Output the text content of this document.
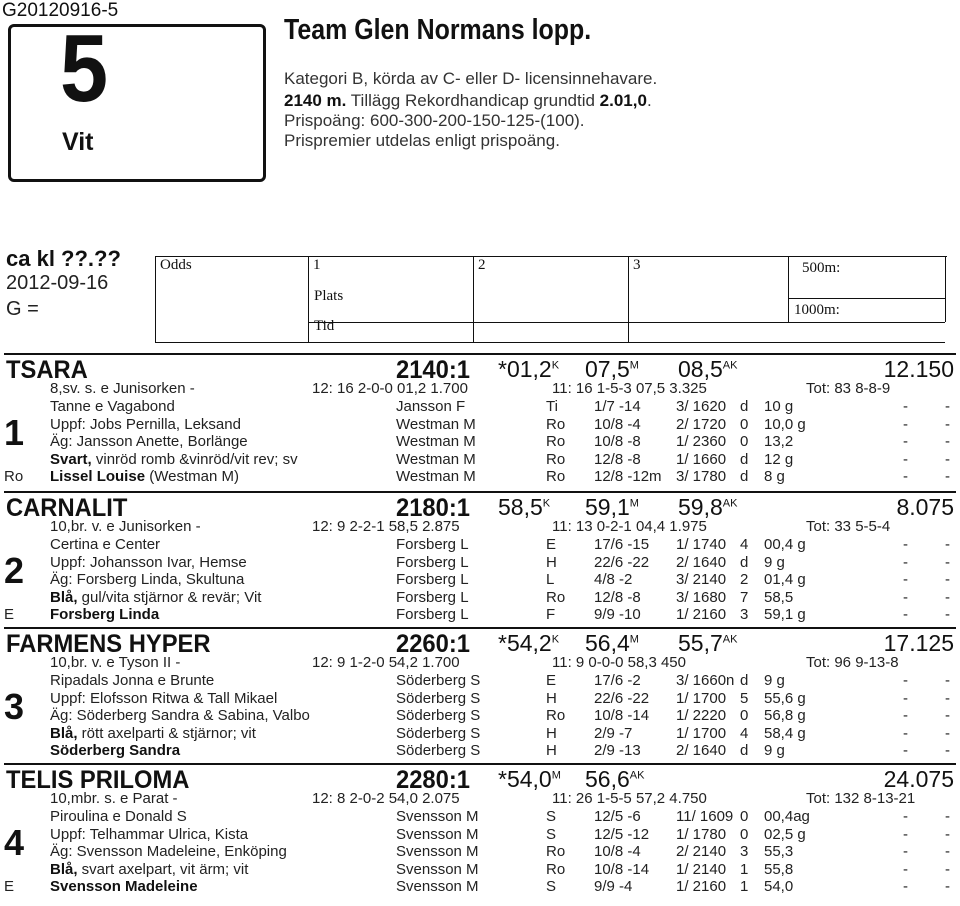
G20120916-5
5
Vit
Team Glen Normans lopp.
Kategori B, körda av C- eller D- licensinnehavare.
2140 m. Tillägg Rekordhandicap grundtid 2.01,0.
Prispoäng: 600-300-200-150-125-(100).
Prispremier utdelas enligt prispoäng.
ca kl ??.??
2012-09-16
G =
Odds	1	2	3
Plats
Tid
500m:
1000m:
TSARA	2140:1 $*01,2^K$ $07,5^M$ $08,5^{AK}$	12.150
8,sv. s. e Junisorken -	12: 16 2-0-0 01,2 1.700	11: 16 1-5-3 07,5 3.325	Tot: 83 8-8-9
1
Ro
Tanne e Vagabond	Jansson F	Ti 1/7 -14 3/ 1620 d 10 g	- -
Uppf: Jobs Pernilla, Leksand	Westman M	Ro 10/8 -4 2/ 1720 0 10,0 g	- -
Äg: Jansson Anette, Borlänge	Westman M	Ro 10/8 -8 1/ 2360 0 13,2	- -
Svart, vinröd romb &vinröd/vit rev; sv	Westman M	Ro 12/8 -8 1/ 1660 d 12 g	- -
Lissel Louise (Westman M)	Westman M	Ro 12/8 -12m 3/ 1780 d 8 g	- -
CARNALIT	2180:1 $58,5^K$ $59,1^M$ $59,8^{AK}$	8.075
10,br. v. e Junisorken -	12: 9 2-2-1 58,5 2.875	11: 13 0-2-1 04,4 1.975	Tot: 33 5-5-4
2
E
Certina e Center	Forsberg L	E	17/6 -15 1/ 1740 4 00,4 g	- -
Uppf: Johansson Ivar, Hemse	Forsberg L	H 22/6 -22 2/ 1640 d 9 g	- -
Äg: Forsberg Linda, Skultuna	Forsberg L	L	4/8 -2	3/ 2140 2 01,4 g	- -
Blå, gul/vita stjärnor & revär; Vit	Forsberg L	Ro 12/8 -8 3/ 1680 7 58,5	- -
Forsberg Linda	Forsberg L	F	9/9 -10 1/ 2160 3 59,1 g	- -
FARMENS HYPER	2260:1 $*54,2^K$ $56,4^M$ $55,7^{AK}$	17.125
10,br. v. e Tyson II -	12: 9 1-2-0 54,2 1.700	11: 9 0-0-0 58,3 450	Tot: 96 9-13-8
3
Ripadals Jonna e Brunte	Söderberg S	E	17/6 -2 3/ 1660n d 9 g	- -
Uppf: Elofsson Ritwa & Tall Mikael	Söderberg S	H 22/6 -22 1/ 1700 5 55,6 g	- -
Äg: Söderberg Sandra & Sabina, Valbo	Söderberg S	Ro 10/8 -14 1/ 2220 0 56,8 g	- -
Blå, rött axelparti & stjärnor; vit	Söderberg S	H 2/9 -7	1/ 1700 4 58,4 g	- -
Söderberg Sandra	Söderberg S	H 2/9 -13 2/ 1640 d 9 g	- -
TELIS PRILOMA	2280:1 $*54,0^M$ $56,6^{AK}$	24.075
10,mbr. s. e Parat -	12: 8 2-0-2 54,0 2.075	11: 26 1-5-5 57,2 4.750	Tot: 132 8-13-21
4
E
Piroulina e Donald S	Svensson M	S	12/5 -6 11/ 1609 0 00,4ag	- -
Uppf: Telhammar Ulrica, Kista	Svensson M	S	12/5 -12 1/ 1780 0 02,5 g	- -
Äg: Svensson Madeleine, Enköping	Svensson M	Ro 10/8 -4 2/ 2140 3 55,3	- -
Blå, svart axelpart, vit ärm; vit	Svensson M	Ro 10/8 -14 1/ 2140 1 55,8	- -
Svensson Madeleine	Svensson M	S	9/9 -4	1/ 2160 1 54,0	- -
